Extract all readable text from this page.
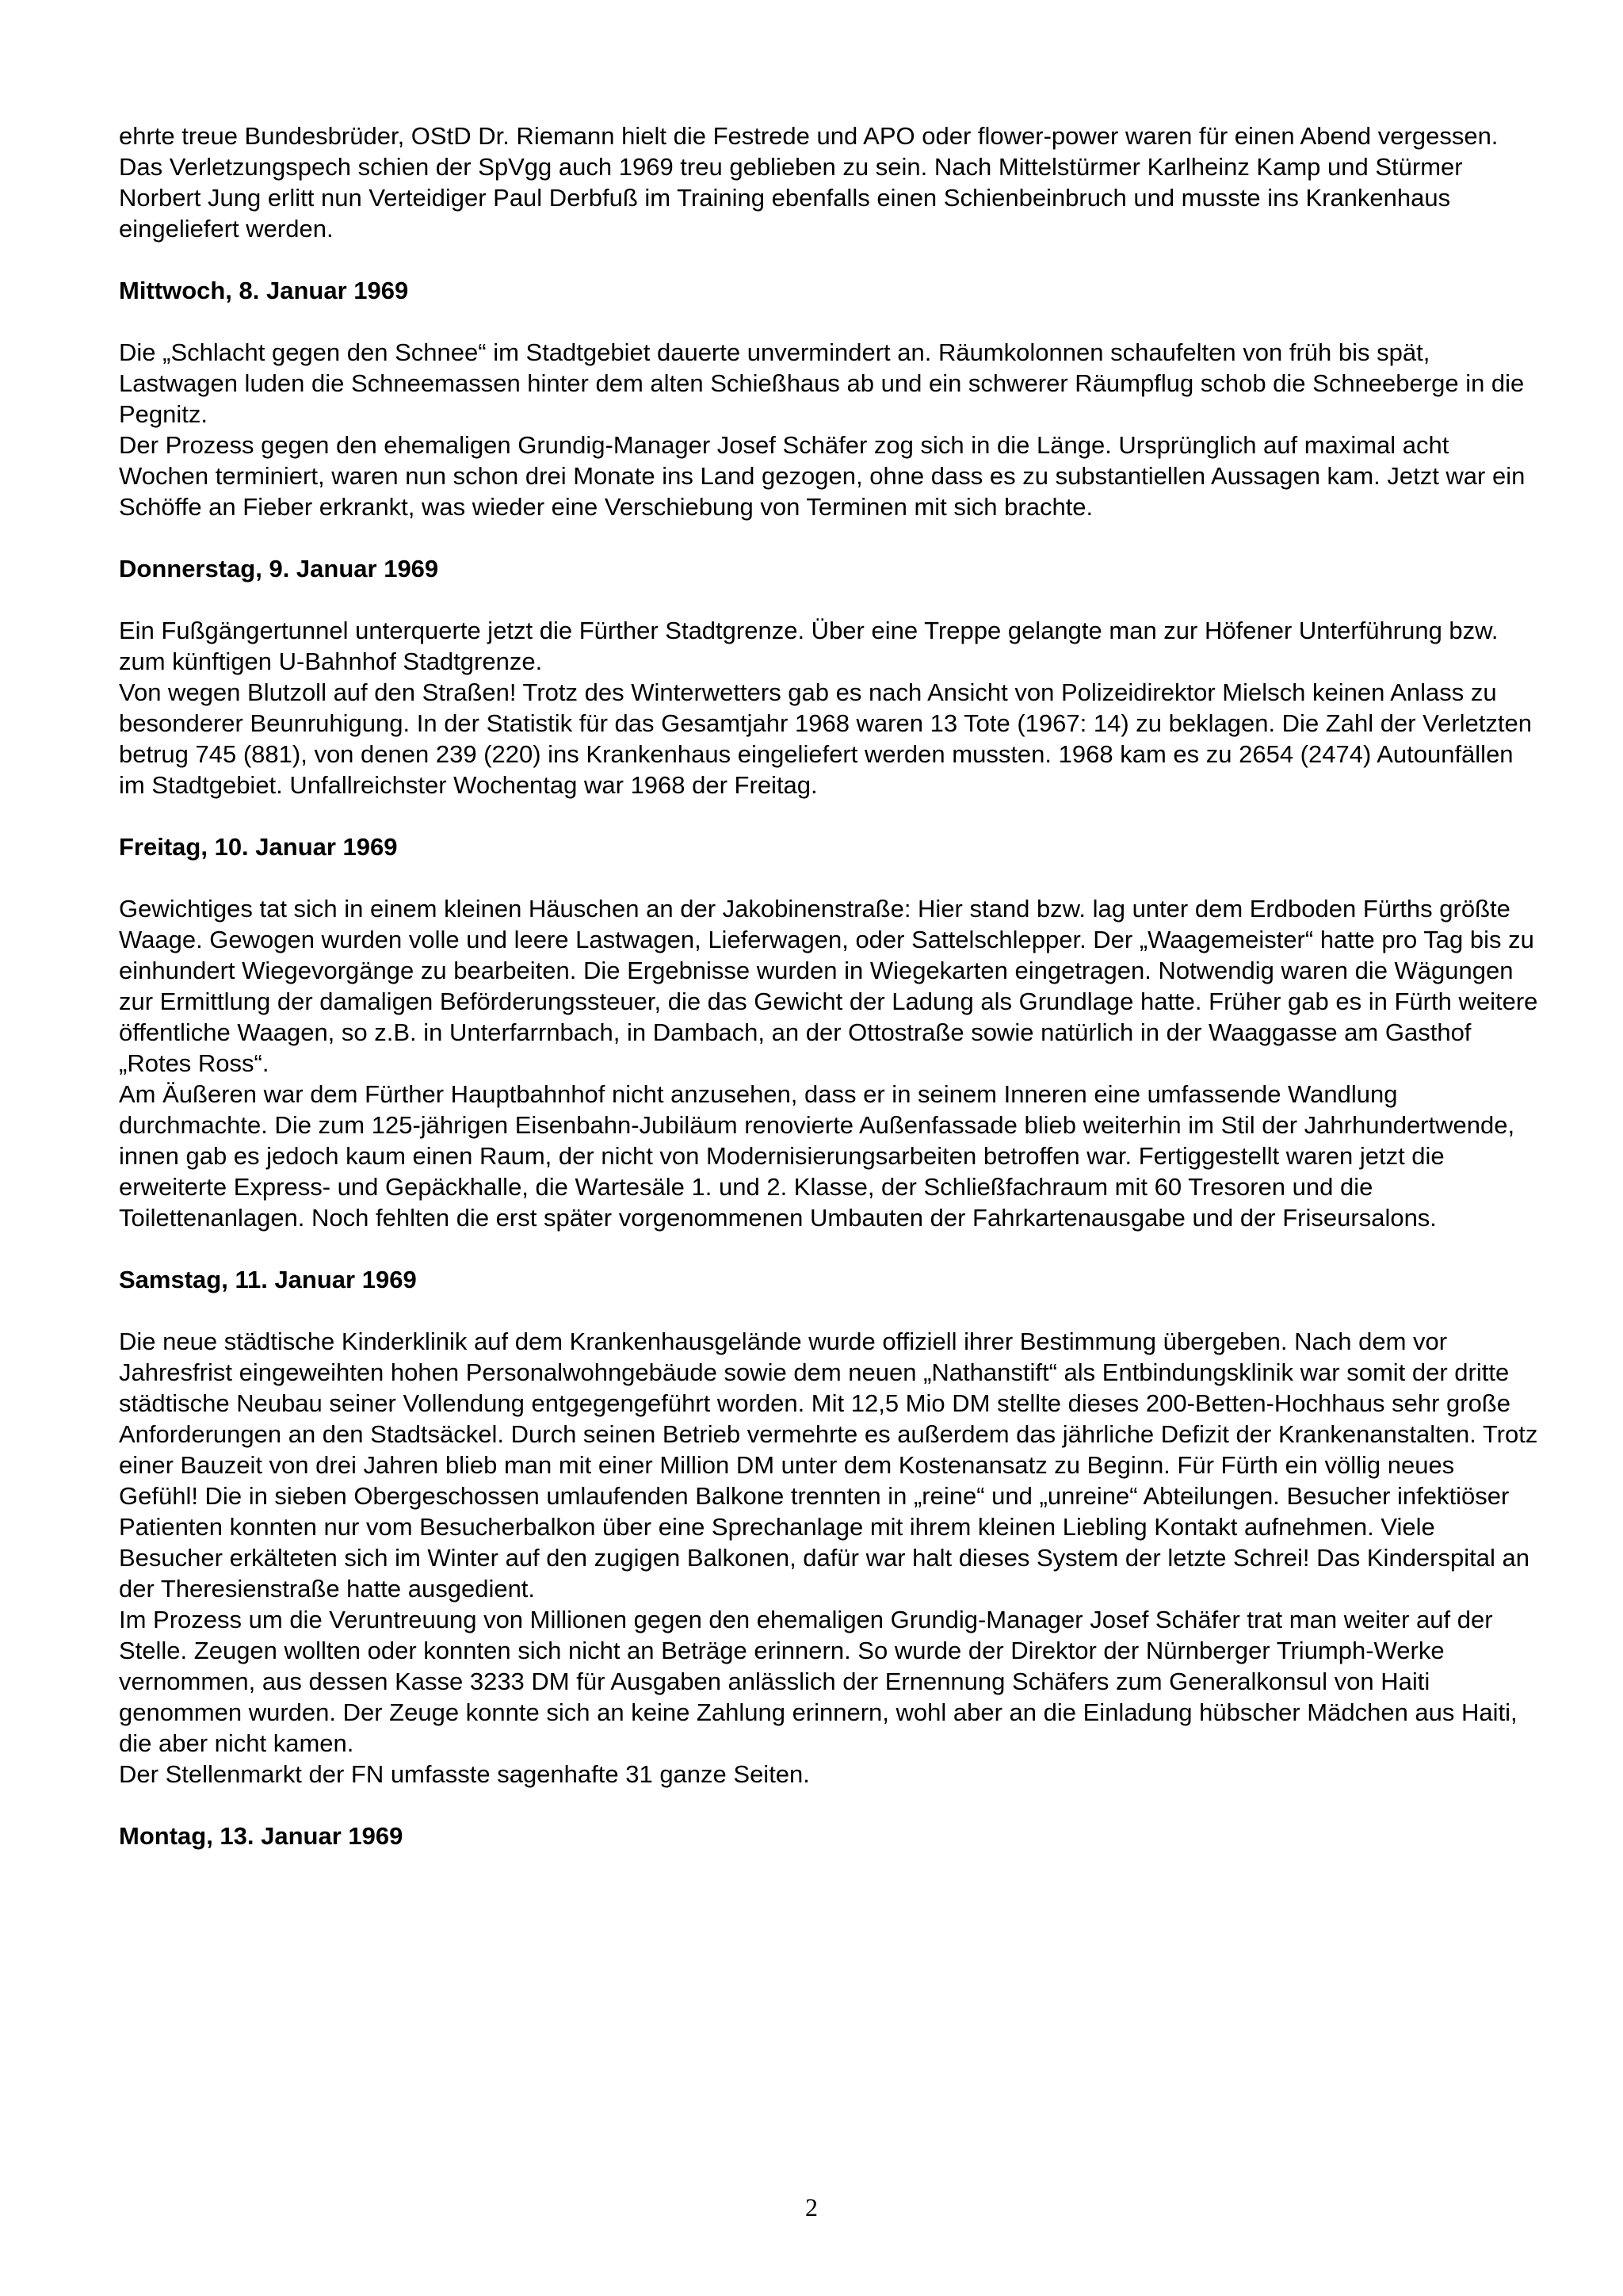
ehrte treue Bundesbrüder, OStD Dr. Riemann hielt die Festrede und APO oder flower-power waren für einen Abend vergessen.

Das Verletzungspech schien der SpVgg auch 1969 treu geblieben zu sein. Nach Mittelstürmer Karlheinz Kamp und Stürmer Norbert Jung erlitt nun Verteidiger Paul Derbfuß im Training ebenfalls einen Schienbeinbruch und musste ins Krankenhaus eingeliefert werden.

Mittwoch, 8. Januar 1969

Die „Schlacht gegen den Schnee“ im Stadtgebiet dauerte unvermindert an. Räumkolonnen schaufelten von früh bis spät, Lastwagen luden die Schneemassen hinter dem alten Schießhaus ab und ein schwerer Räumpflug schob die Schneeberge in die Pegnitz.

Der Prozess gegen den ehemaligen Grundig-Manager Josef Schäfer zog sich in die Länge. Ursprünglich auf maximal acht Wochen terminiert, waren nun schon drei Monate ins Land gezogen, ohne dass es zu substantiellen Aussagen kam. Jetzt war ein Schöffe an Fieber erkrankt, was wieder eine Verschiebung von Terminen mit sich brachte.

Donnerstag, 9. Januar 1969

Ein Fußgängertunnel unterquerte jetzt die Fürther Stadtgrenze. Über eine Treppe gelangte man zur Höfener Unterführung bzw. zum künftigen U-Bahnhof Stadtgrenze.

Von wegen Blutzoll auf den Straßen! Trotz des Winterwetters gab es nach Ansicht von Polizeidirektor Mielsch keinen Anlass zu besonderer Beunruhigung. In der Statistik für das Gesamtjahr 1968 waren 13 Tote (1967: 14) zu beklagen. Die Zahl der Verletzten betrug 745 (881), von denen 239 (220) ins Krankenhaus eingeliefert werden mussten. 1968 kam es zu 2654 (2474) Autounfällen im Stadtgebiet. Unfallreichster Wochentag war 1968 der Freitag.

Freitag, 10. Januar 1969

Gewichtiges tat sich in einem kleinen Häuschen an der Jakobinenstraße: Hier stand bzw. lag unter dem Erdboden Fürths größte Waage. Gewogen wurden volle und leere Lastwagen, Lieferwagen, oder Sattelschlepper. Der „Waagemeister“ hatte pro Tag bis zu einhundert Wiegevorgänge zu bearbeiten. Die Ergebnisse wurden in Wiegekarten eingetragen. Notwendig waren die Wägungen zur Ermittlung der damaligen Beförderungssteuer, die das Gewicht der Ladung als Grundlage hatte. Früher gab es in Fürth weitere öffentliche Waagen, so z.B. in Unterfarrnbach, in Dambach, an der Ottostraße sowie natürlich in der Waaggasse am Gasthof „Rotes Ross“.

Am Äußeren war dem Fürther Hauptbahnhof nicht anzusehen, dass er in seinem Inneren eine umfassende Wandlung durchmachte. Die zum 125-jährigen Eisenbahn-Jubiläum renovierte Außenfassade blieb weiterhin im Stil der Jahrhundertwende, innen gab es jedoch kaum einen Raum, der nicht von Modernisierungsarbeiten betroffen war. Fertiggestellt waren jetzt die erweiterte Express- und Gepäckhalle, die Wartesäle 1. und 2. Klasse, der Schließfachraum mit 60 Tresoren und die Toilettenanlagen. Noch fehlten die erst später vorgenommenen Umbauten der Fahrkartenausgabe und der Friseursalons.

Samstag, 11. Januar 1969

Die neue städtische Kinderklinik auf dem Krankenhausgelände wurde offiziell ihrer Bestimmung übergeben. Nach dem vor Jahresfrist eingeweihten hohen Personalwohngebäude sowie dem neuen „Nathanstift“ als Entbindungsklinik war somit der dritte städtische Neubau seiner Vollendung entgegengeführt worden. Mit 12,5 Mio DM stellte dieses 200-Betten-Hochhaus sehr große Anforderungen an den Stadtsäckel. Durch seinen Betrieb vermehrte es außerdem das jährliche Defizit der Krankenanstalten. Trotz einer Bauzeit von drei Jahren blieb man mit einer Million DM unter dem Kostenansatz zu Beginn. Für Fürth ein völlig neues Gefühl! Die in sieben Obergeschossen umlaufenden Balkone trennten in „reine“ und „unreine“ Abteilungen. Besucher infektiöser Patienten konnten nur vom Besucherbalkon über eine Sprechanlage mit ihrem kleinen Liebling Kontakt aufnehmen. Viele Besucher erkälteten sich im Winter auf den zugigen Balkonen, dafür war halt dieses System der letzte Schrei! Das Kinderspital an der Theresienstraße hatte ausgedient.

Im Prozess um die Veruntreuung von Millionen gegen den ehemaligen Grundig-Manager Josef Schäfer trat man weiter auf der Stelle. Zeugen wollten oder konnten sich nicht an Beträge erinnern. So wurde der Direktor der Nürnberger Triumph-Werke vernommen, aus dessen Kasse 3233 DM für Ausgaben anlässlich der Ernennung Schäfers zum Generalkonsul von Haiti genommen wurden. Der Zeuge konnte sich an keine Zahlung erinnern, wohl aber an die Einladung hübscher Mädchen aus Haiti, die aber nicht kamen.

Der Stellenmarkt der FN umfasste sagenhafte 31 ganze Seiten.

Montag, 13. Januar 1969
2
